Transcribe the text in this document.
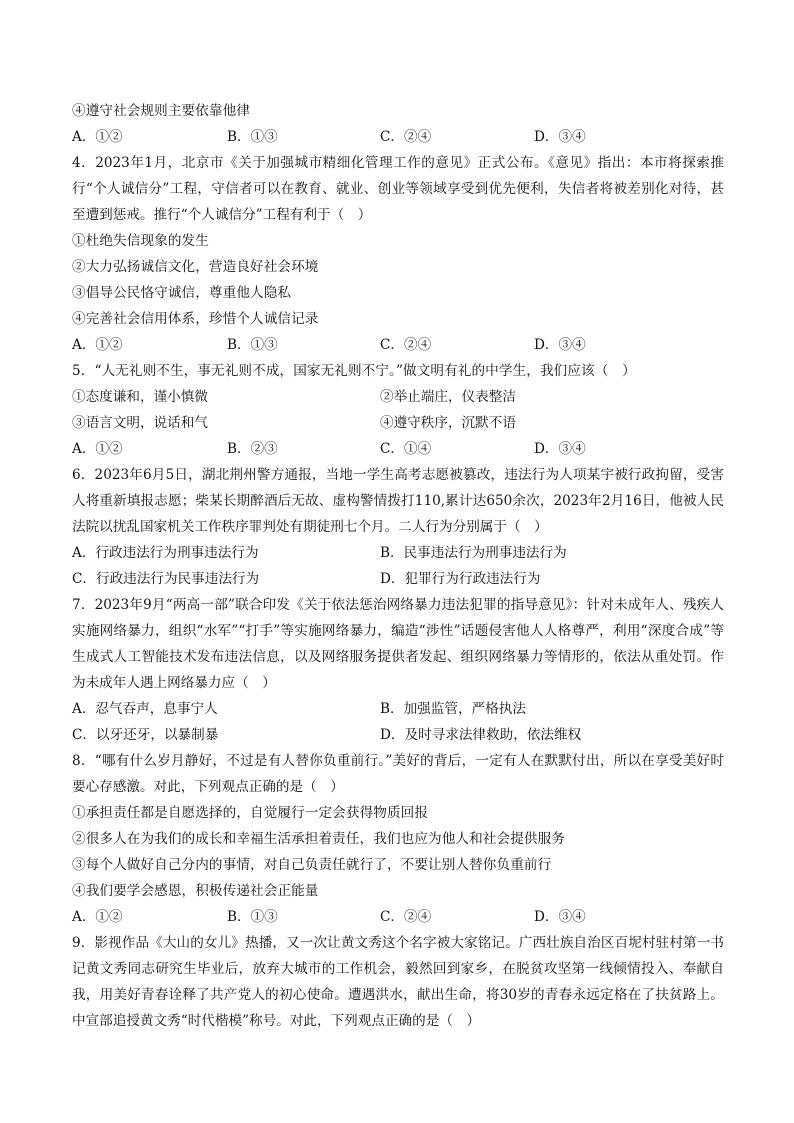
④遵守社会规则主要依靠他律
A．①②	B．①③	C．②④	D．③④
4．2023年1月，北京市《关于加强城市精细化管理工作的意见》正式公布。《意见》指出：本市将探索推行“个人诚信分”工程，守信者可以在教育、就业、创业等领域享受到优先便利，失信者将被差别化对待，甚至遭到惩戒。推行“个人诚信分”工程有利于（　）
①杜绝失信现象的发生
②大力弘扬诚信文化，营造良好社会环境
③倡导公民恪守诚信，尊重他人隐私
④完善社会信用体系，珍惜个人诚信记录
A．①②	B．①③	C．②④	D．③④
5．“人无礼则不生，事无礼则不成，国家无礼则不宁。”做文明有礼的中学生，我们应该（　）
①态度谦和，谨小慎微	②举止端庄，仪表整洁
③语言文明，说话和气	④遵守秩序，沉默不语
A．①②	B．②③	C．①④	D．③④
6．2023年6月5日，湖北荆州警方通报，当地一学生高考志愿被篡改，违法行为人项某宇被行政拘留，受害人将重新填报志愿；柴某长期醉酒后无故、虚构警情拨打110,累计达650余次，2023年2月16日，他被人民法院以扰乱国家机关工作秩序罪判处有期徒刑七个月。二人行为分别属于（　）
A．行政违法行为刑事违法行为	B．民事违法行为刑事违法行为
C．行政违法行为民事违法行为	D．犯罪行为行政违法行为
7．2023年9月“两高一部”联合印发《关于依法惩治网络暴力违法犯罪的指导意见》：针对未成年人、残疾人实施网络暴力，组织“水军”“打手”等实施网络暴力，编造“涉性”话题侵害他人人格尊严，利用“深度合成”等生成式人工智能技术发布违法信息，以及网络服务提供者发起、组织网络暴力等情形的，依法从重处罚。作为未成年人遇上网络暴力应（　）
A．忍气吞声，息事宁人	B．加强监管，严格执法
C．以牙还牙，以暴制暴	D．及时寻求法律救助，依法维权
8．“哪有什么岁月静好，不过是有人替你负重前行。”美好的背后，一定有人在默默付出，所以在享受美好时要心存感激。对此，下列观点正确的是（　）
①承担责任都是自愿选择的，自觉履行一定会获得物质回报
②很多人在为我们的成长和幸福生活承担着责任，我们也应为他人和社会提供服务
③每个人做好自己分内的事情，对自己负责任就行了，不要让别人替你负重前行
④我们要学会感恩，积极传递社会正能量
A．①②	B．①③	C．②④	D．③④
9．影视作品《大山的女儿》热播，又一次让黄文秀这个名字被大家铭记。广西壮族自治区百坭村驻村第一书记黄文秀同志研究生毕业后，放弃大城市的工作机会，毅然回到家乡，在脱贫攻坚第一线倾情投入、奉献自我，用美好青春诠释了共产党人的初心使命。遭遇洪水，献出生命，将30岁的青春永远定格在了扶贫路上。中宣部追授黄文秀“时代楷模”称号。对此，下列观点正确的是（　）
